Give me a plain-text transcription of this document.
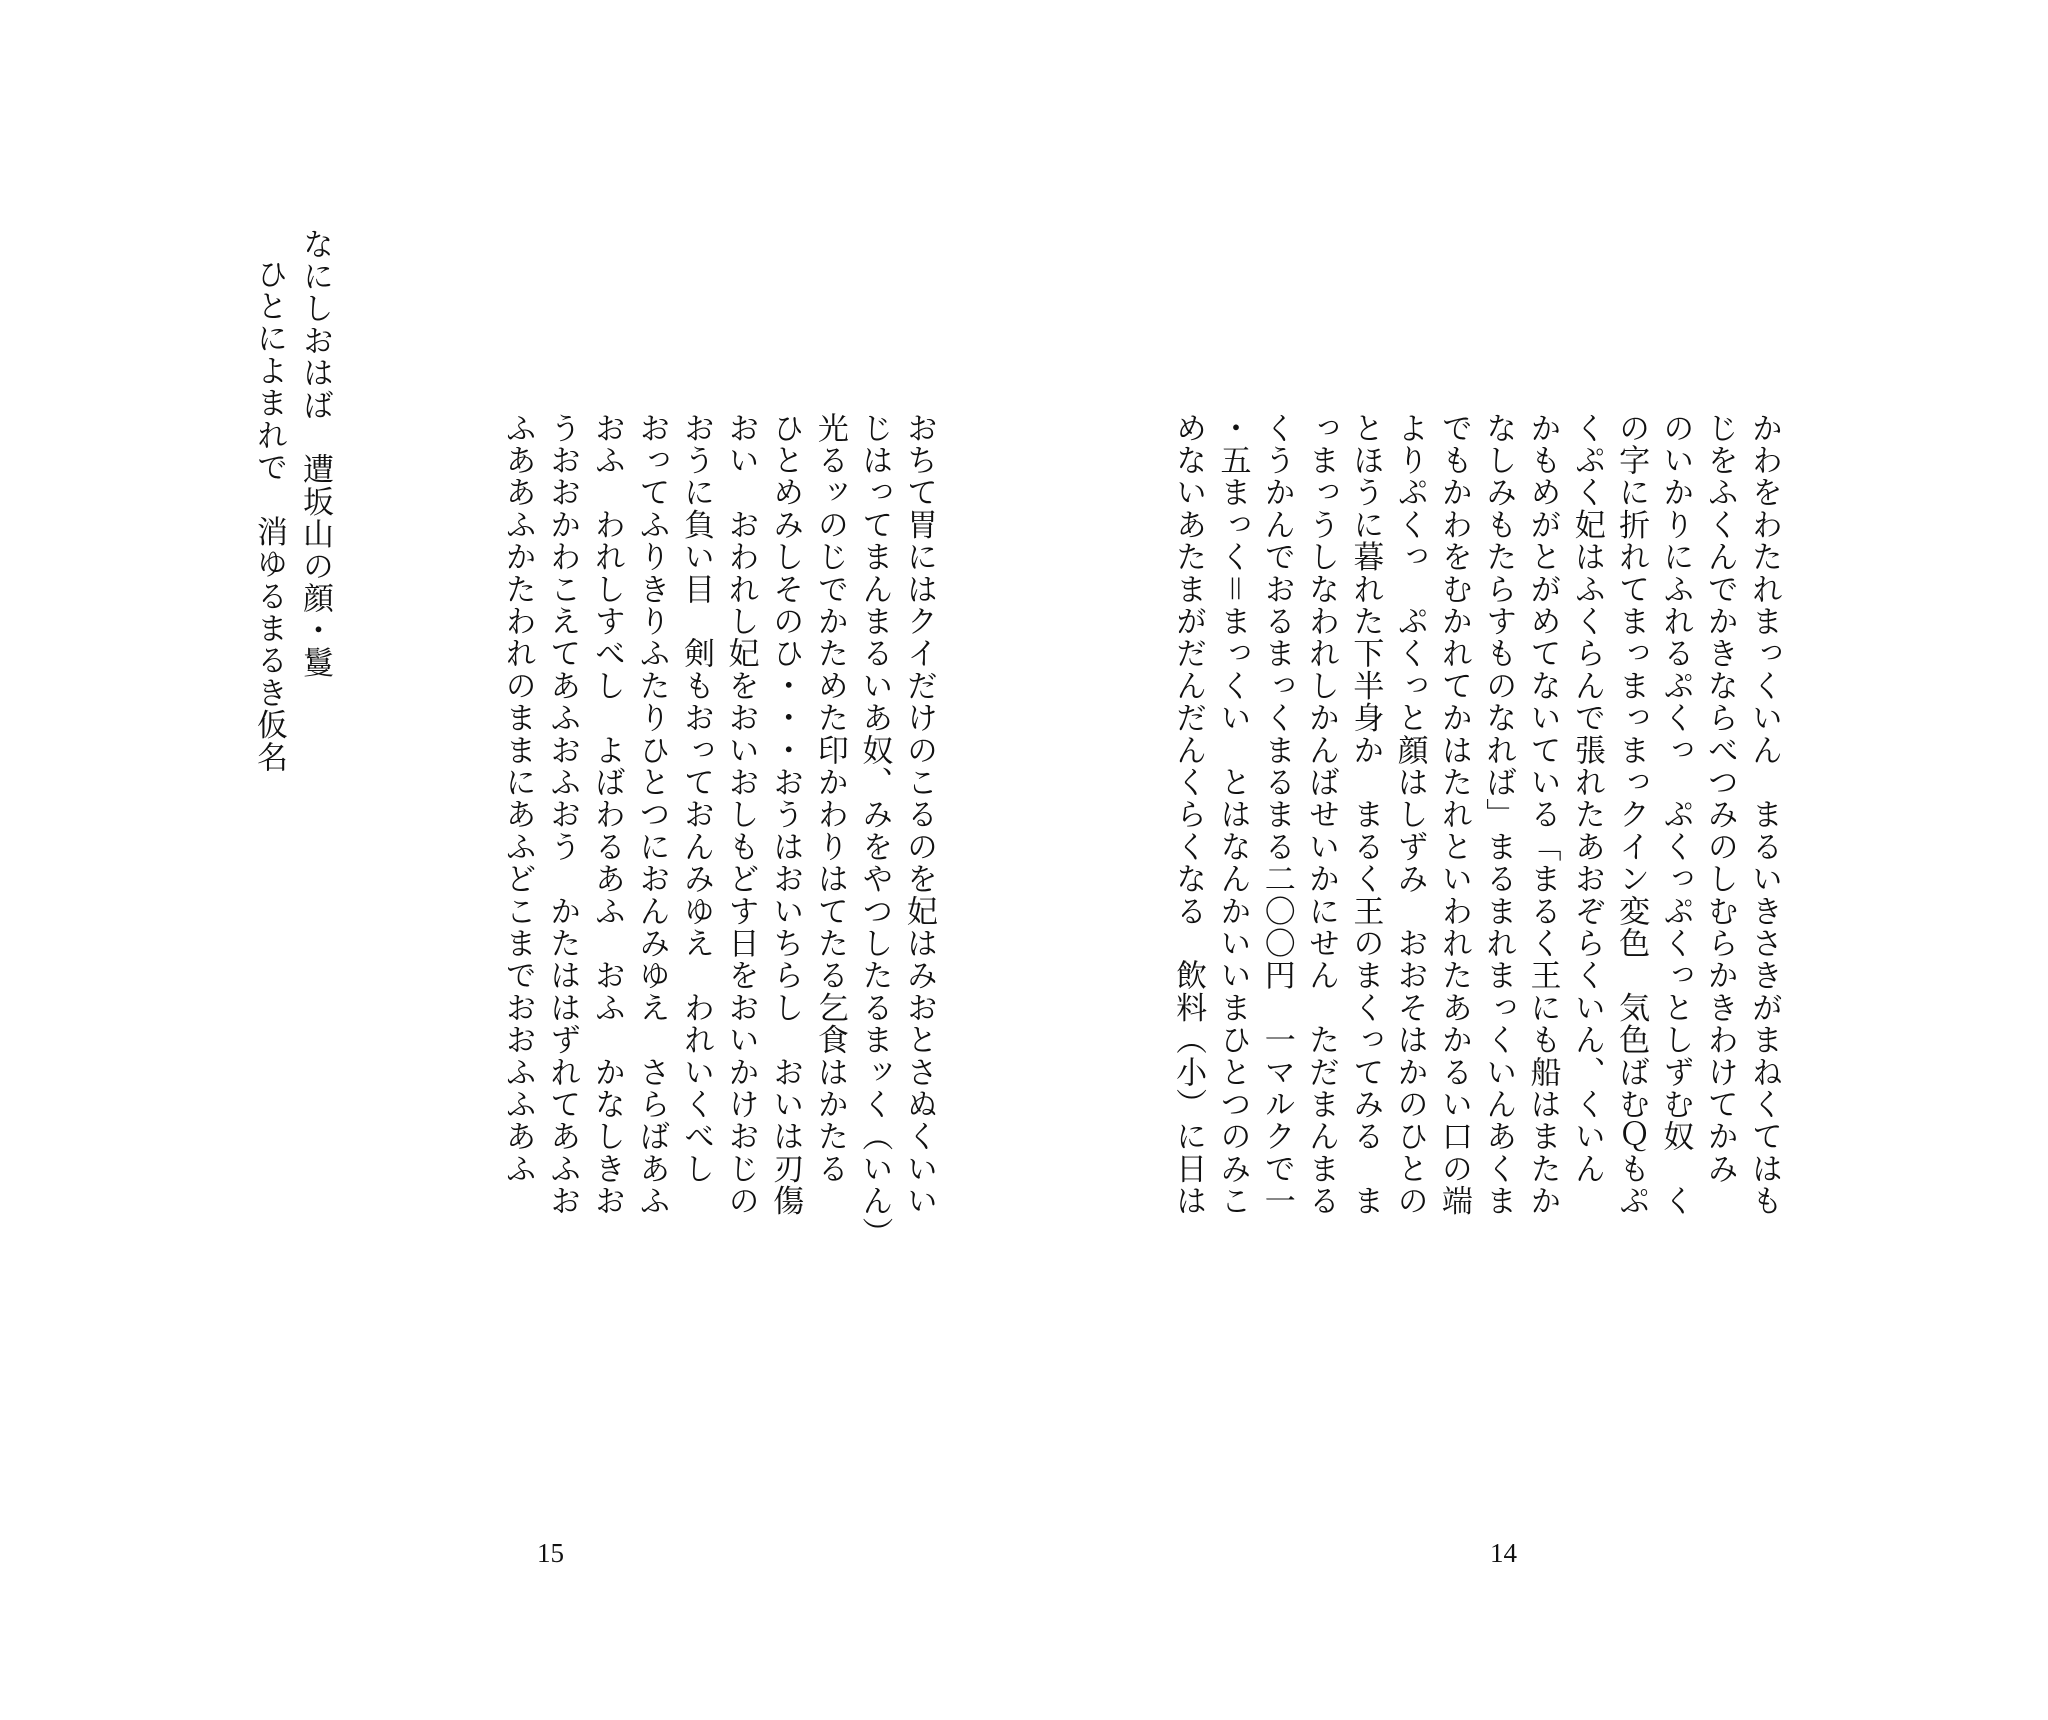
なにしおはば　遭坂山の顔・鬘
ひとによまれで　消ゆるまるき仮名	おちて胃にはクイだけのこるのを妃はみおとさぬくいい
じはってまんまるいあ奴、みをやつしたるまッく（いん）
光るッのじでかためた印かわりはてたる乞食はかたる
ひとめみしそのひ・・・おうはおいちらし　おいは刃傷
おい　おわれし妃をおいおしもどす日をおいかけおじの
おうに負い目　剣もおっておんみゆえ　われいくべし
おってふりきりふたりひとつにおんみゆえ　さらばあふ
おふ　われしすべし　よばわるあふ　おふ　かなしきお
うおおかわこえてあふおふおう　かたははずれてあふお
ふああふかたわれのままにあふどこまでおおふふあふ
15
かわをわたれまっくいん　まるいきさきがまねくてはも
じをふくんでかきならべつみのしむらかきわけてかみ
のいかりにふれるぷくっ　ぷくっぷくっとしずむ奴　く
の字に折れてまっまっまっクイン変色　気色ばむＱもぷ
くぷく妃はふくらんで張れたあおぞらくいん、くいん
かもめがとがめてないている「まるく王にも船はまたか
なしみもたらすものなれば」まるまれまっくいんあくま
でもかわをむかれてかはたれといわれたあかるい口の端
よりぷくっ　ぷくっと顔はしずみ　おおそはかのひとの
とほうに暮れた下半身か　まるく王のまくってみる　ま
っまっうしなわれしかんばせいかにせん　ただまんまる
くうかんでおるまっくまるまる二〇〇円　一マルクで一
・五まっく＝まっくい　とはなんかいいまひとつのみこ
めないあたまがだんだんくらくなる　飲料（小）に日は
14
